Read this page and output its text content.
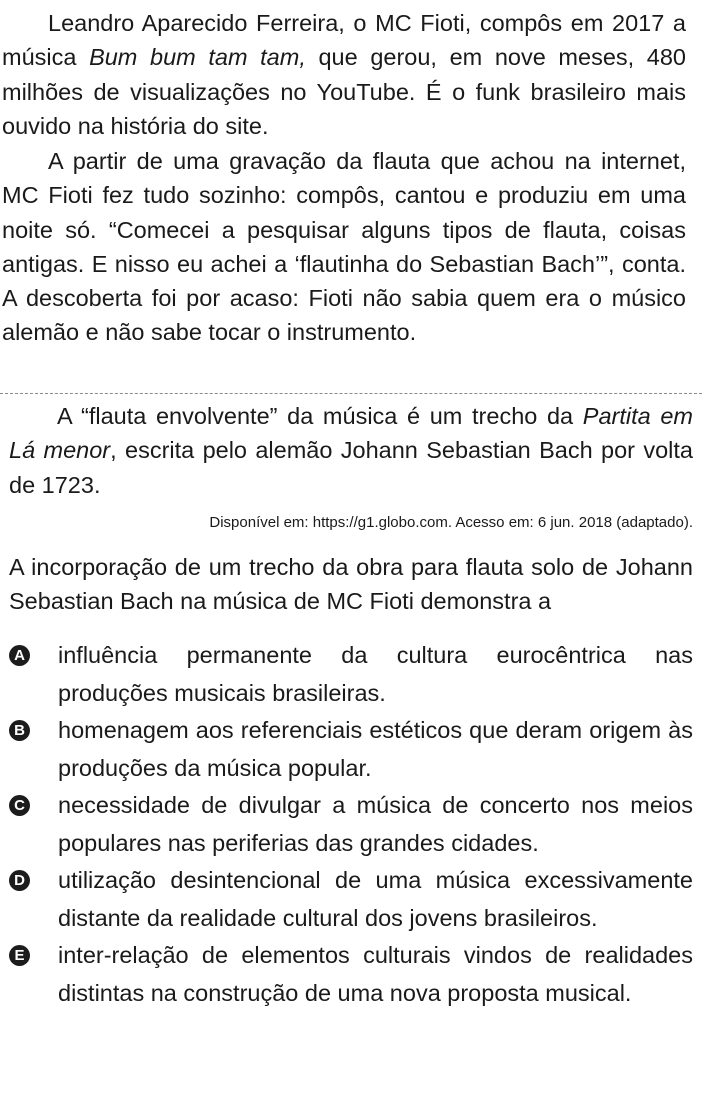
Leandro Aparecido Ferreira, o MC Fioti, compôs em 2017 a música Bum bum tam tam, que gerou, em nove meses, 480 milhões de visualizações no YouTube. É o funk brasileiro mais ouvido na história do site.

A partir de uma gravação da flauta que achou na internet, MC Fioti fez tudo sozinho: compôs, cantou e produziu em uma noite só. “Comecei a pesquisar alguns tipos de flauta, coisas antigas. E nisso eu achei a ‘flautinha do Sebastian Bach’”, conta. A descoberta foi por acaso: Fioti não sabia quem era o músico alemão e não sabe tocar o instrumento.

A “flauta envolvente” da música é um trecho da Partita em Lá menor, escrita pelo alemão Johann Sebastian Bach por volta de 1723.

Disponível em: https://g1.globo.com. Acesso em: 6 jun. 2018 (adaptado).

A incorporação de um trecho da obra para flauta solo de Johann Sebastian Bach na música de MC Fioti demonstra a

A influência permanente da cultura eurocêntrica nas produções musicais brasileiras.
B homenagem aos referenciais estéticos que deram origem às produções da música popular.
C necessidade de divulgar a música de concerto nos meios populares nas periferias das grandes cidades.
D utilização desintencional de uma música excessivamente distante da realidade cultural dos jovens brasileiros.
E inter-relação de elementos culturais vindos de realidades distintas na construção de uma nova proposta musical.
